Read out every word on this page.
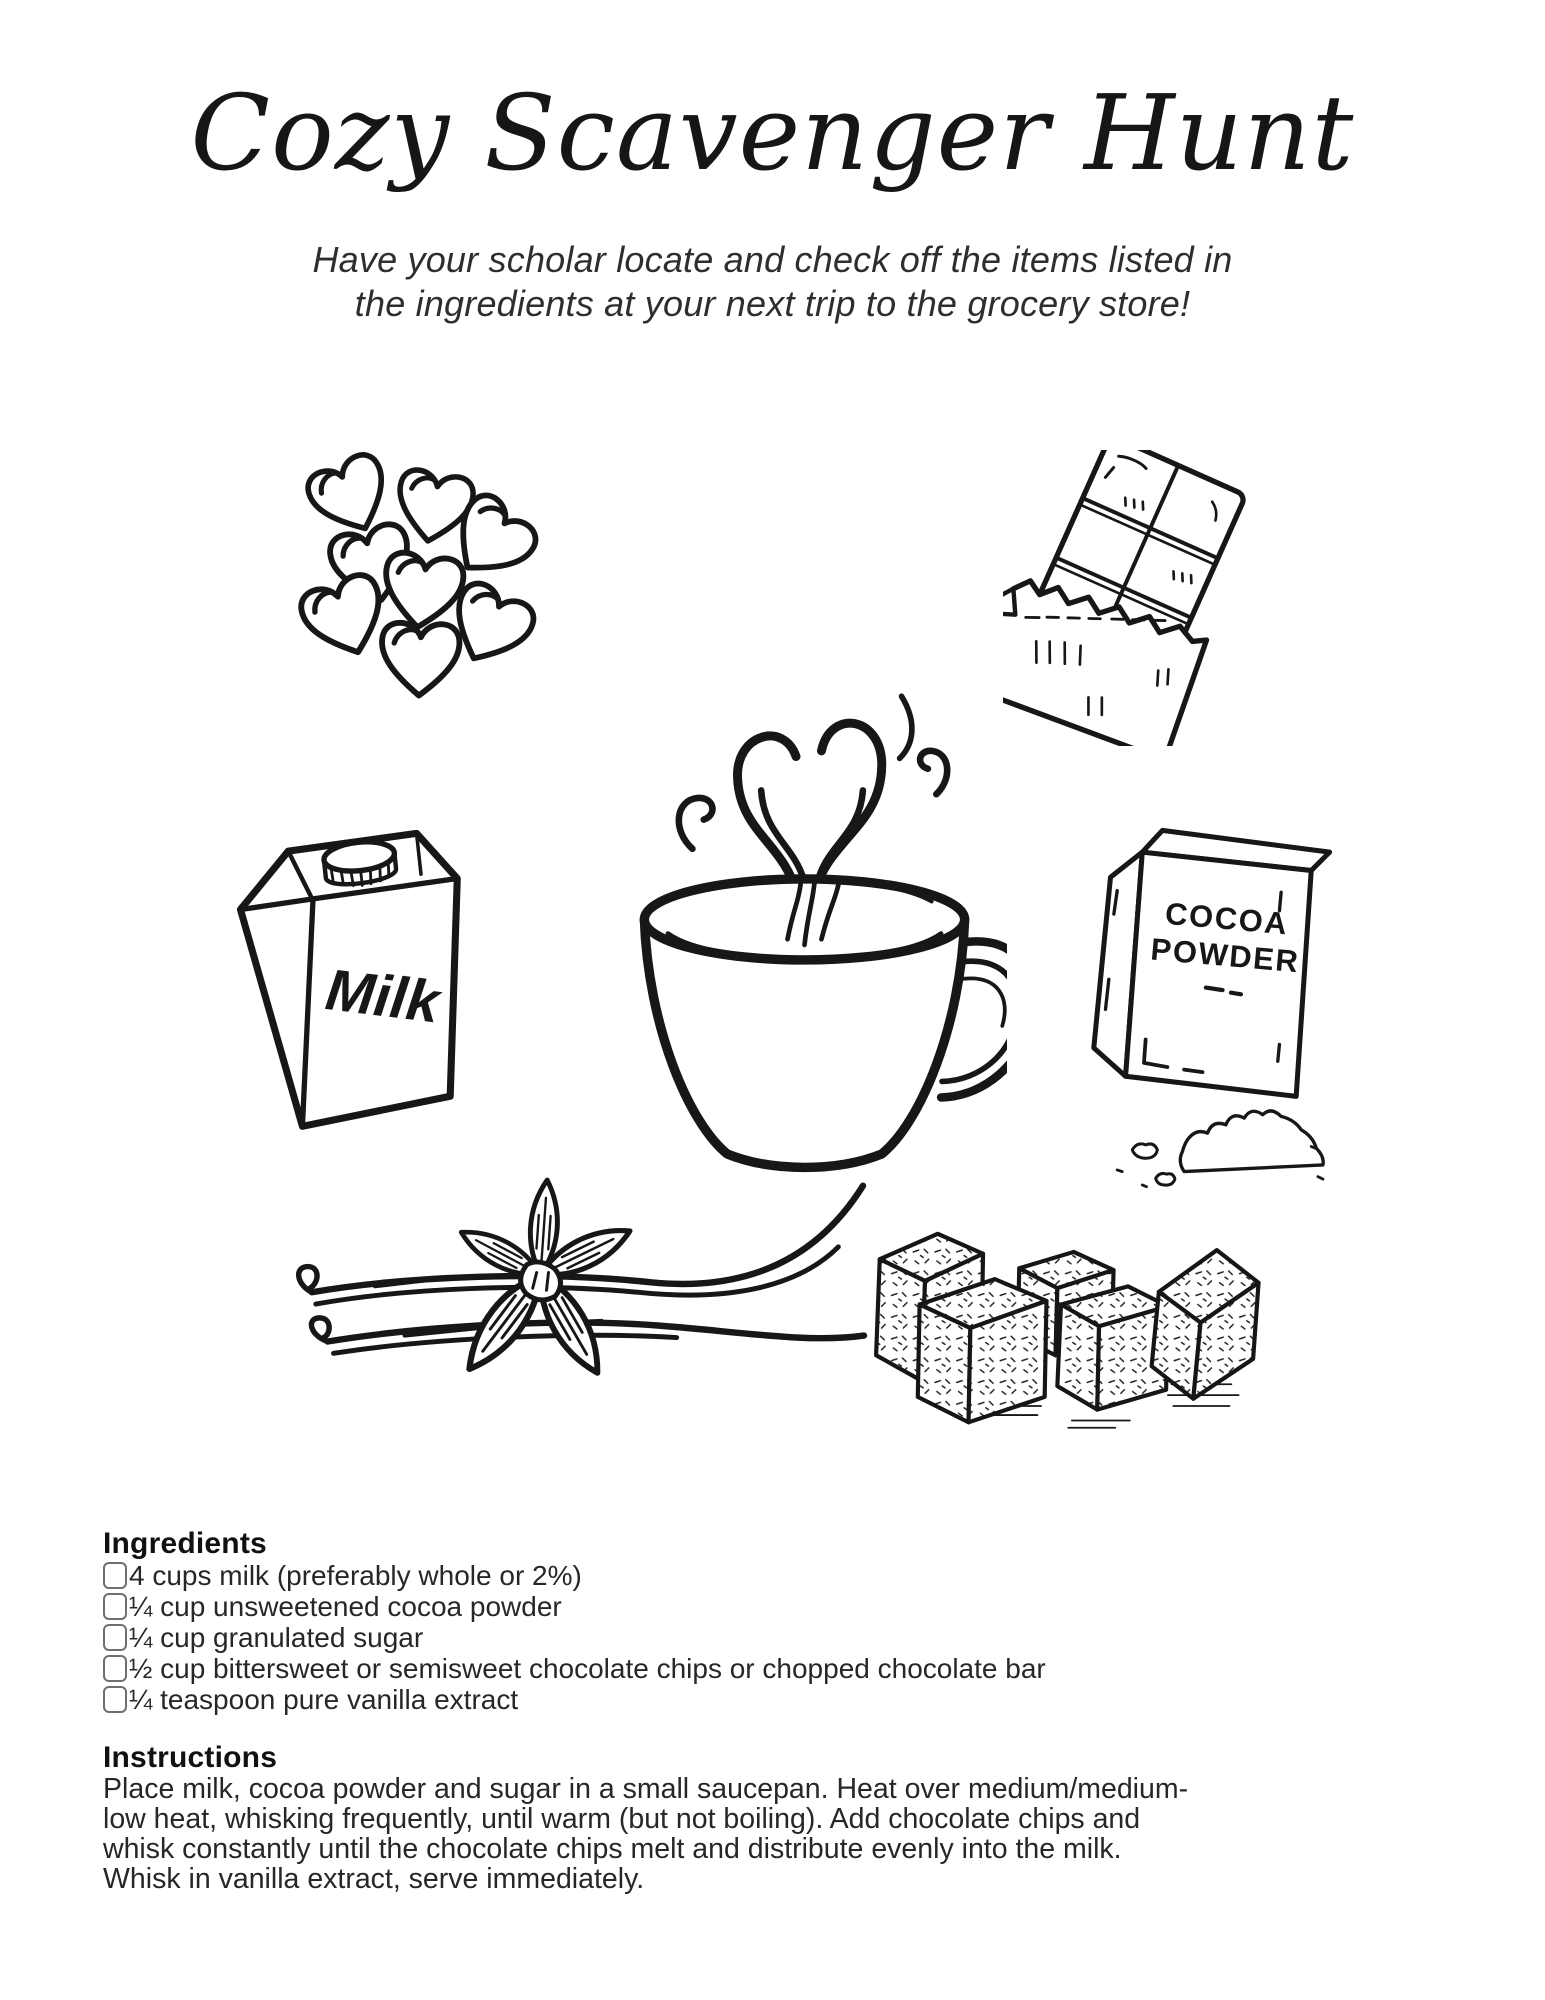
Cozy Scavenger Hunt
Have your scholar locate and check off the items listed in
the ingredients at your next trip to the grocery store!
Milk
COCOA
POWDER
Ingredients
4 cups milk (preferably whole or 2%)
¼ cup unsweetened cocoa powder
¼ cup granulated sugar
½ cup bittersweet or semisweet chocolate chips or chopped chocolate bar
¼ teaspoon pure vanilla extract
Instructions
Place milk, cocoa powder and sugar in a small saucepan. Heat over medium/medium-
low heat, whisking frequently, until warm (but not boiling). Add chocolate chips and
whisk constantly until the chocolate chips melt and distribute evenly into the milk.
Whisk in vanilla extract, serve immediately.
